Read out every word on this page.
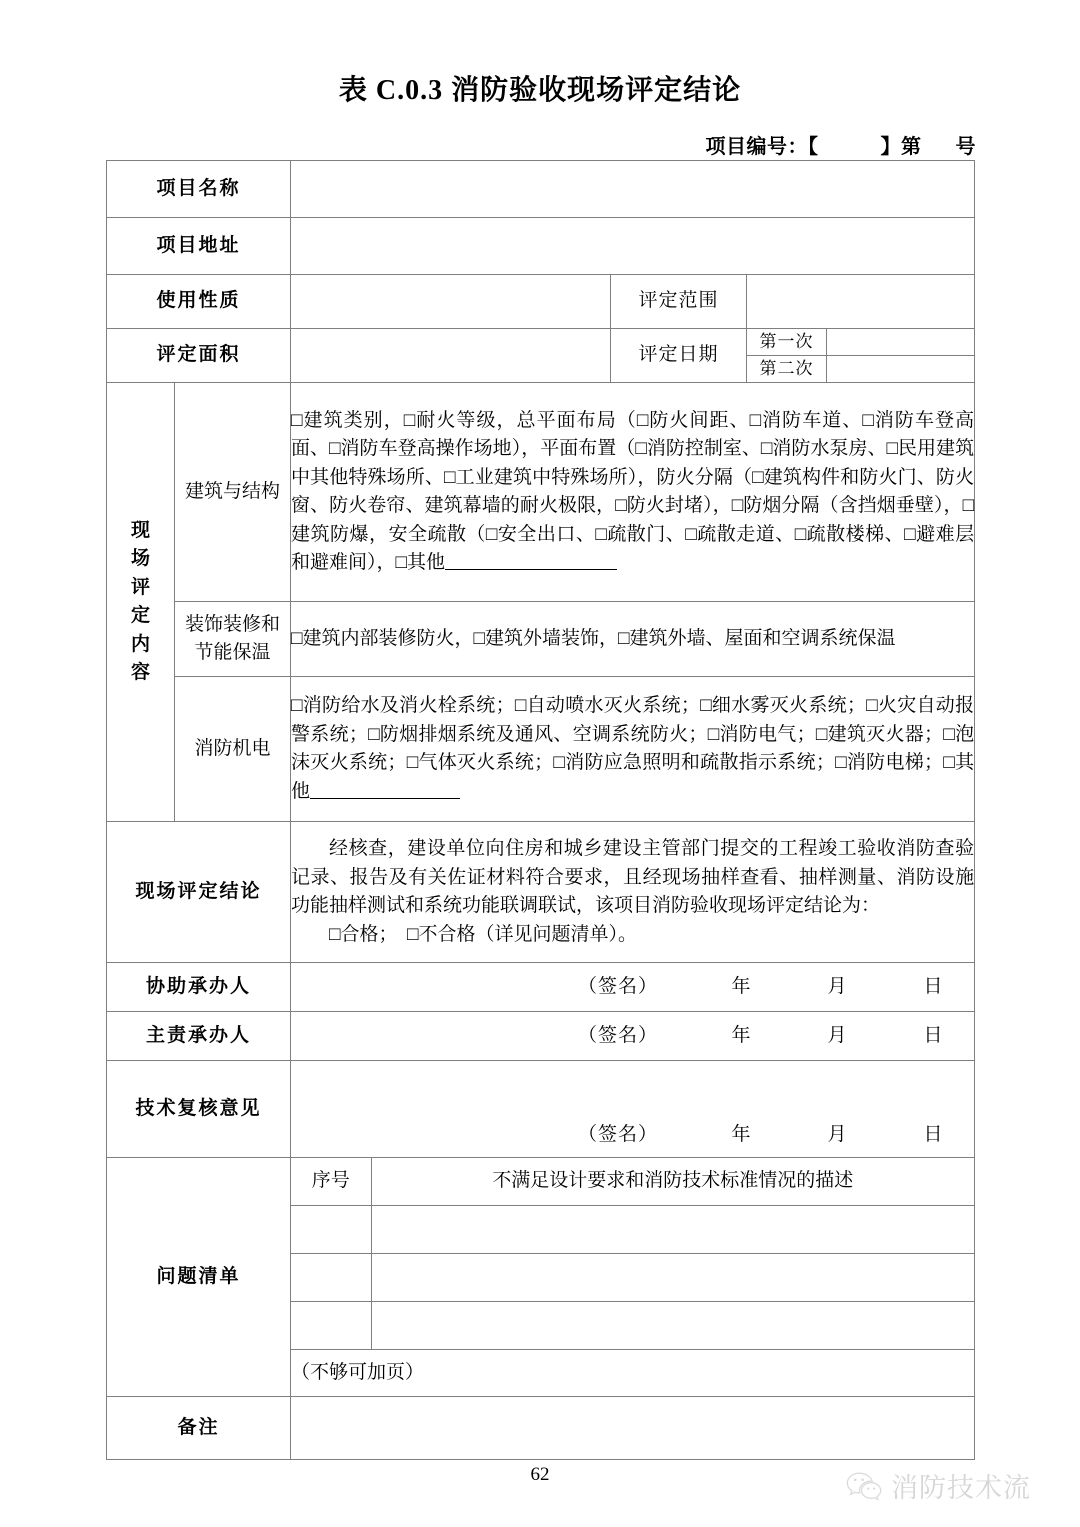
表 C.0.3 消防验收现场评定结论
项目编号：【	】第 号
项目名称	
项目地址	
使用性质		评定范围	
评定面积		评定日期	第一次	
第二次	

现
场
评
定
内
容
	建筑与结构	□建筑类别，□耐火等级，总平面布局（□防火间距、□消防车道、□消防车登高面、□消防车登高操作场地），平面布置（□消防控制室、□消防水泵房、□民用建筑中其他特殊场所、□工业建筑中特殊场所），防火分隔（□建筑构件和防火门、防火窗、防火卷帘、建筑幕墙的耐火极限，□防火封堵），□防烟分隔（含挡烟垂壁），□建筑防爆，安全疏散（□安全出口、□疏散门、□疏散走道、□疏散楼梯、□避难层和避难间），□其他
装饰装修和
节能保温	□建筑内部装修防火，□建筑外墙装饰，□建筑外墙、屋面和空调系统保温
消防机电	□消防给水及消火栓系统；□自动喷水灭火系统；□细水雾灭火系统；□火灾自动报警系统；□防烟排烟系统及通风、空调系统防火；□消防电气；□建筑灭火器；□泡沫灭火系统；□气体灭火系统；□消防应急照明和疏散指示系统；□消防电梯；□其他
现场评定结论	
经核查，建设单位向住房和城乡建设主管部门提交的工程竣工验收消防查验记录、报告及有关佐证材料符合要求，且经现场抽样查看、抽样测量、消防设施功能抽样测试和系统功能联调联试，该项目消防验收现场评定结论为：
□合格；　□不合格（详见问题清单）。

协助承办人	（签名）	年	月	日

主责承办人	（签名）	年	月	日

技术复核意见	
（签名）	年	月	日

问题清单	
序号	不满足设计要求和消防技术标准情况的描述

（不够可加页）

备注	
62	消防技术流
